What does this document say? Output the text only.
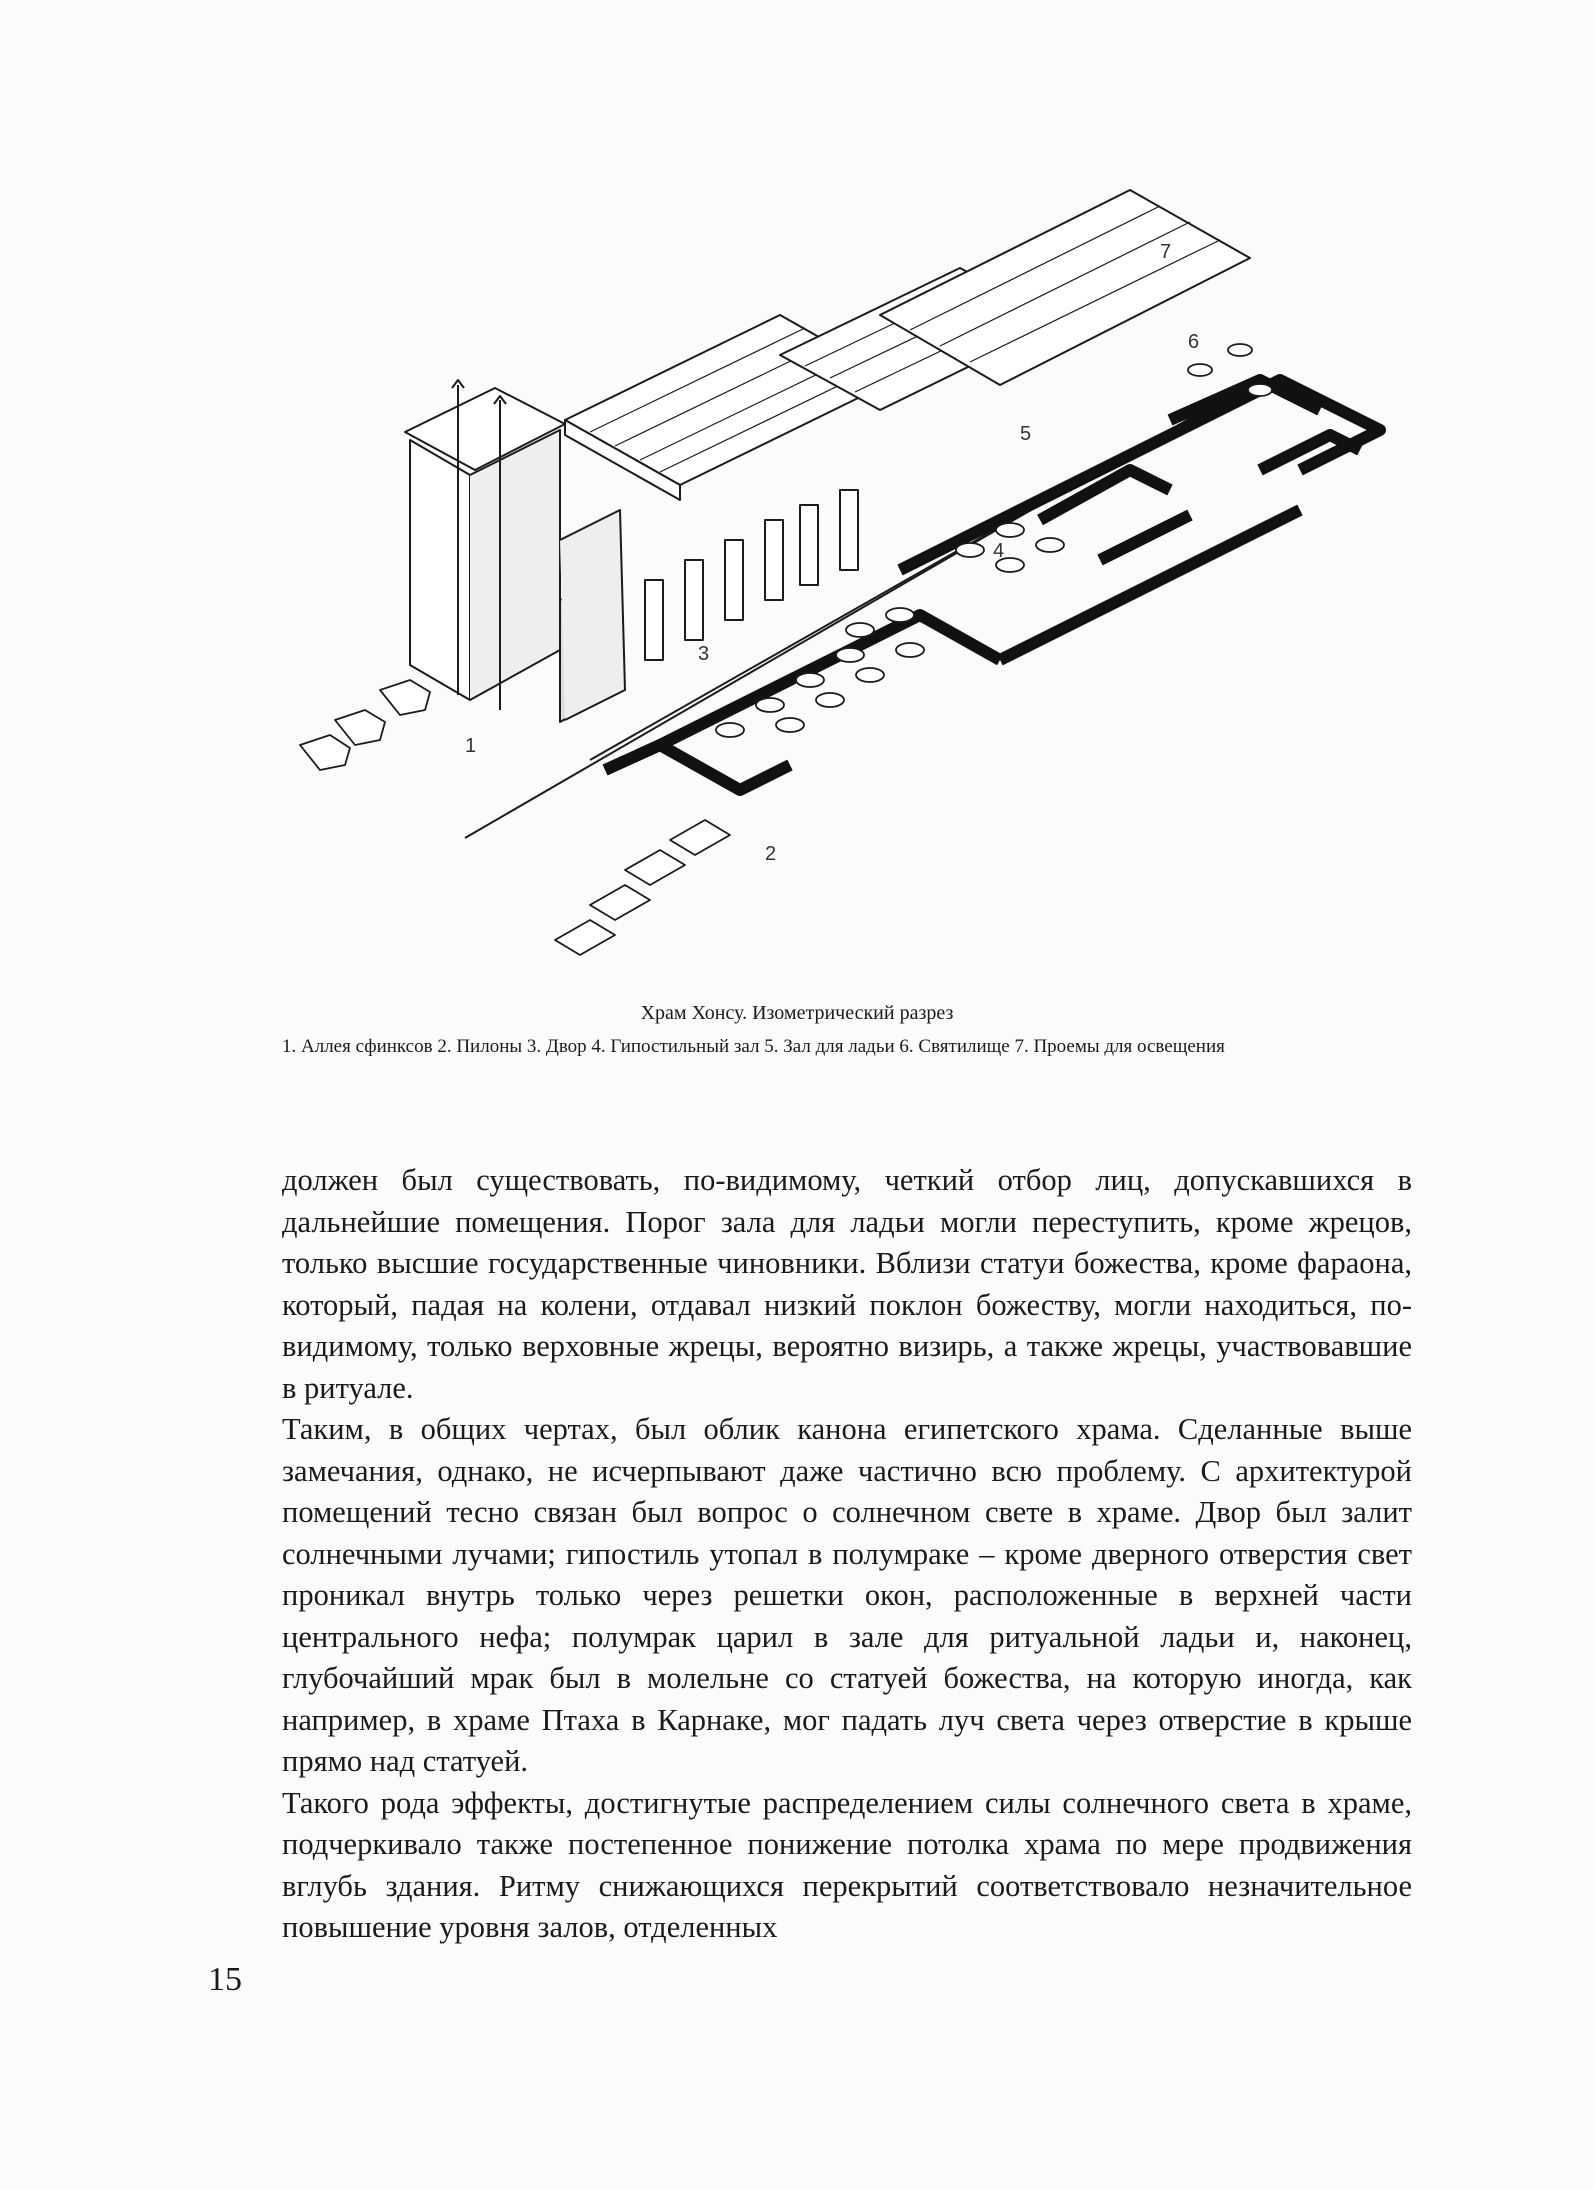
1
2
3
4
5
6
7
Храм Хонсу. Изометрический разрез
1. Аллея сфинксов 2. Пилоны 3. Двор 4. Гипостильный зал 5. Зал для ладьи 6. Святилище 7. Проемы для освещения

должен был существовать, по-видимому, четкий отбор лиц, допускавшихся в дальнейшие помещения. Порог зала для ладьи могли переступить, кроме жрецов, только высшие государственные чиновники. Вблизи статуи божества, кроме фараона, который, падая на колени, отдавал низкий поклон божеству, могли находиться, по-видимому, только верховные жрецы, вероятно визирь, а также жрецы, участвовавшие в ритуале.

Таким, в общих чертах, был облик канона египетского храма. Сделанные выше замечания, однако, не исчерпывают даже частично всю проблему. С архитектурой помещений тесно связан был вопрос о солнечном свете в храме. Двор был залит солнечными лучами; гипостиль утопал в полумраке – кроме дверного отверстия свет проникал внутрь только через решетки окон, расположенные в верхней части центрального нефа; полумрак царил в зале для ритуальной ладьи и, наконец, глубочайший мрак был в молельне со статуей божества, на которую иногда, как например, в храме Птаха в Карнаке, мог падать луч света через отверстие в крыше прямо над статуей.

Такого рода эффекты, достигнутые распределением силы солнечного света в храме, подчеркивало также постепенное понижение потолка храма по мере продвижения вглубь здания. Ритму снижающихся перекрытий соответствовало незначительное повышение уровня залов, отделенных

15
